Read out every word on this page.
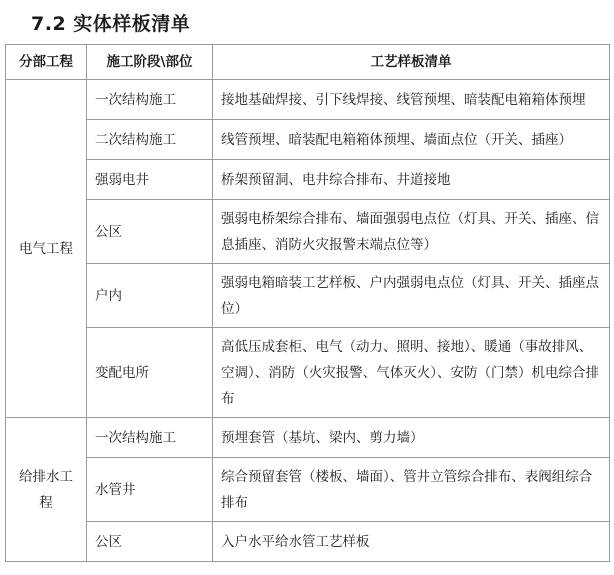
7.2 实体样板清单
分部工程	施工阶段\部位	工艺样板清单
电气工程	一次结构施工	接地基础焊接、引下线焊接、线管预埋、暗装配电箱箱体预埋
	二次结构施工	线管预埋、暗装配电箱箱体预埋、墙面点位（开关、插座）
	强弱电井	桥架预留洞、电井综合排布、井道接地
	公区	强弱电桥架综合排布、墙面强弱电点位（灯具、开关、插座、信息插座、消防火灾报警末端点位等）
	户内	强弱电箱暗装工艺样板、户内强弱电点位（灯具、开关、插座点位）
	变配电所	高低压成套柜、电气（动力、照明、接地）、暖通（事故排风、空调）、消防（火灾报警、气体灭火）、安防（门禁）机电综合排布
给排水工程	一次结构施工	预埋套管（基坑、梁内、剪力墙）
	水管井	综合预留套管（楼板、墙面）、管井立管综合排布、表阀组综合排布
	公区	入户水平给水管工艺样板
